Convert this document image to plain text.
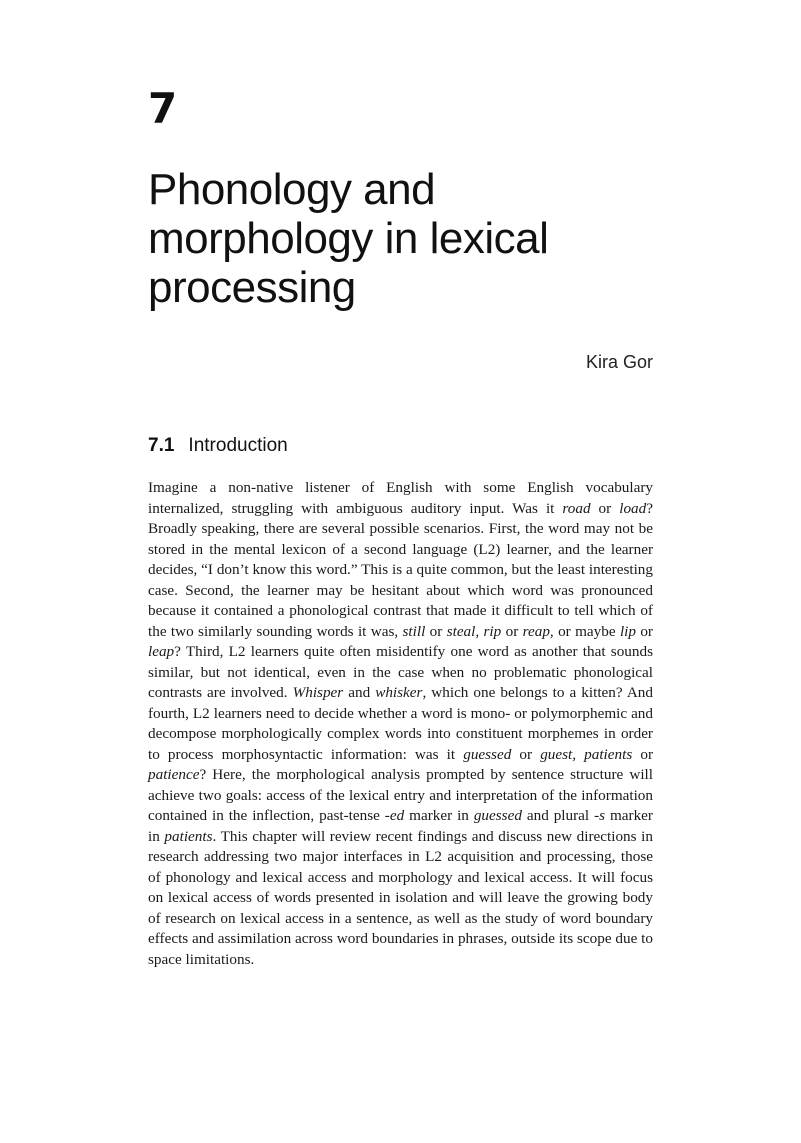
7
Phonology and
morphology in lexical
processing
Kira Gor
7.1 Introduction

Imagine a non-native listener of English with some English vocabulary internalized, struggling with ambiguous auditory input. Was it road or load? Broadly speaking, there are several possible scenarios. First, the word may not be stored in the mental lexicon of a second language (L2) learner, and the learner decides, “I don’t know this word.” This is a quite common, but the least interesting case. Second, the learner may be hesitant about which word was pronounced because it contained a phonological contrast that made it difficult to tell which of the two similarly sounding words it was, still or steal, rip or reap, or maybe lip or leap? Third, L2 learners quite often misidentify one word as another that sounds similar, but not identical, even in the case when no problematic phonological contrasts are involved. Whisper and whisker, which one belongs to a kitten? And fourth, L2 learners need to decide whether a word is mono- or polymorphemic and decompose morphologically complex words into constituent morphemes in order to process morphosyntactic information: was it guessed or guest, patients or patience? Here, the morphological analysis prompted by sentence structure will achieve two goals: access of the lexical entry and interpretation of the information contained in the inflection, past-tense -ed marker in guessed and plural -s marker in patients. This chapter will review recent findings and discuss new directions in research addressing two major interfaces in L2 acquisition and processing, those of phonology and lexical access and morphology and lexical access. It will focus on lexical access of words presented in isolation and will leave the growing body of research on lexical access in a sentence, as well as the study of word boundary effects and assimilation across word boundaries in phrases, outside its scope due to space limitations.
